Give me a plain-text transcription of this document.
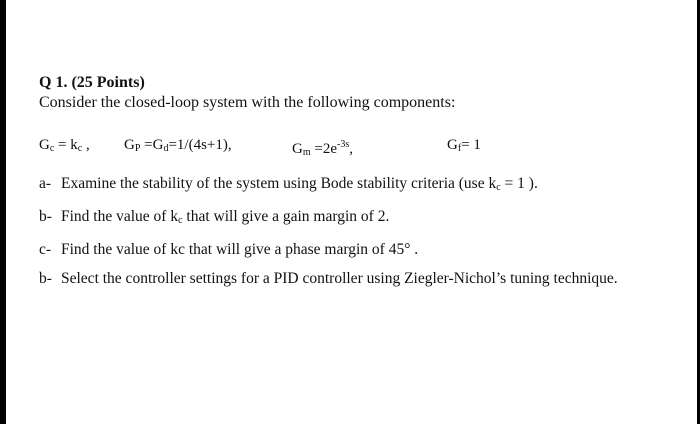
Q 1. (25 Points)

Consider the closed-loop system with the following components:

$G_c = k_c$ , $G_P =G_d=1/(4s+1)$,	$G_m =2e^{-3s}$,	$G_f= 1$

a- Examine the stability of the system using Bode stability criteria (use $k_c = 1$ ).

b- Find the value of $k_c$ that will give a gain margin of 2.

c- Find the value of kc that will give a phase margin of 45° .

b- Select the controller settings for a PID controller using Ziegler-Nichol’s tuning technique.
